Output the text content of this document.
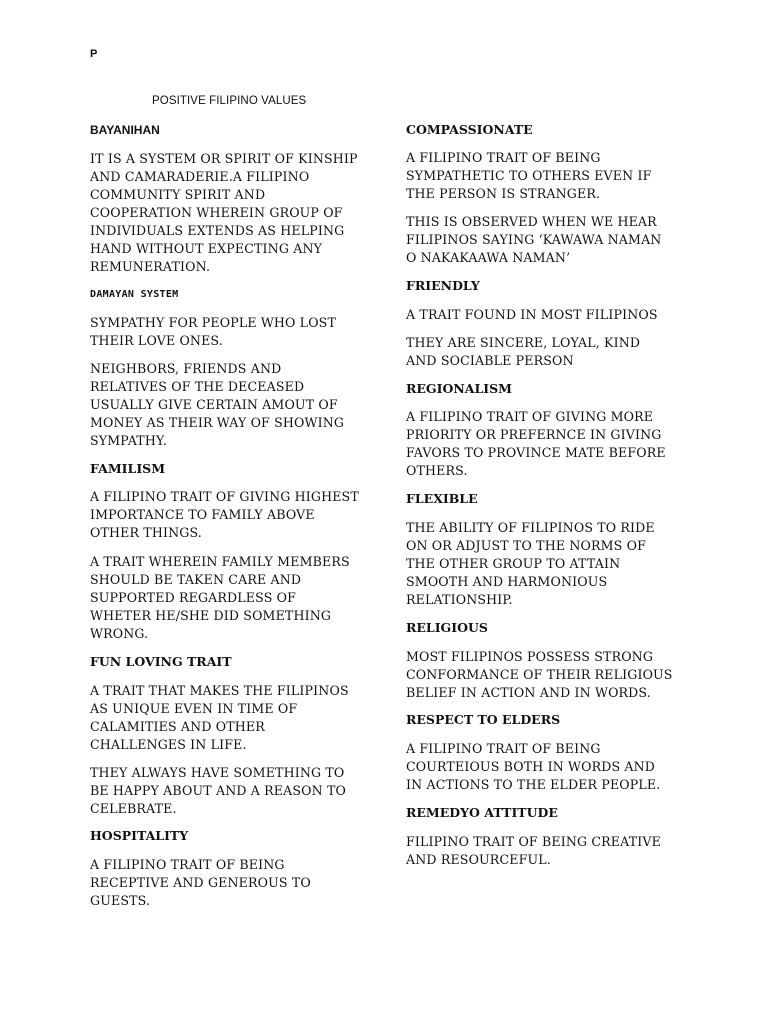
P
POSITIVE FILIPINO VALUES
BAYANIHAN

IT IS A SYSTEM OR SPIRIT OF KINSHIP
AND CAMARADERIE.A FILIPINO
COMMUNITY SPIRIT AND
COOPERATION WHEREIN GROUP OF
INDIVIDUALS EXTENDS AS HELPING
HAND WITHOUT EXPECTING ANY
REMUNERATION.

DAMAYAN SYSTEM

SYMPATHY FOR PEOPLE WHO LOST
THEIR LOVE ONES.

NEIGHBORS, FRIENDS AND
RELATIVES OF THE DECEASED
USUALLY GIVE CERTAIN AMOUT OF
MONEY AS THEIR WAY OF SHOWING
SYMPATHY.

FAMILISM

A FILIPINO TRAIT OF GIVING HIGHEST
IMPORTANCE TO FAMILY ABOVE
OTHER THINGS.

A TRAIT WHEREIN FAMILY MEMBERS
SHOULD BE TAKEN CARE AND
SUPPORTED REGARDLESS OF
WHETER HE/SHE DID SOMETHING
WRONG.

FUN LOVING TRAIT

A TRAIT THAT MAKES THE FILIPINOS
AS UNIQUE EVEN IN TIME OF
CALAMITIES AND OTHER
CHALLENGES IN LIFE.

THEY ALWAYS HAVE SOMETHING TO
BE HAPPY ABOUT AND A REASON TO
CELEBRATE.

HOSPITALITY

A FILIPINO TRAIT OF BEING
RECEPTIVE AND GENEROUS TO
GUESTS.

COMPASSIONATE

A FILIPINO TRAIT OF BEING
SYMPATHETIC TO OTHERS EVEN IF
THE PERSON IS STRANGER.

THIS IS OBSERVED WHEN WE HEAR
FILIPINOS SAYING ‘KAWAWA NAMAN
O NAKAKAAWA NAMAN’

FRIENDLY

A TRAIT FOUND IN MOST FILIPINOS

THEY ARE SINCERE, LOYAL, KIND
AND SOCIABLE PERSON

REGIONALISM

A FILIPINO TRAIT OF GIVING MORE
PRIORITY OR PREFERNCE IN GIVING
FAVORS TO PROVINCE MATE BEFORE
OTHERS.

FLEXIBLE

THE ABILITY OF FILIPINOS TO RIDE
ON OR ADJUST TO THE NORMS OF
THE OTHER GROUP TO ATTAIN
SMOOTH AND HARMONIOUS
RELATIONSHIP.

RELIGIOUS

MOST FILIPINOS POSSESS STRONG
CONFORMANCE OF THEIR RELIGIOUS
BELIEF IN ACTION AND IN WORDS.

RESPECT TO ELDERS

A FILIPINO TRAIT OF BEING
COURTEIOUS BOTH IN WORDS AND
IN ACTIONS TO THE ELDER PEOPLE.

REMEDYO ATTITUDE

FILIPINO TRAIT OF BEING CREATIVE
AND RESOURCEFUL.
